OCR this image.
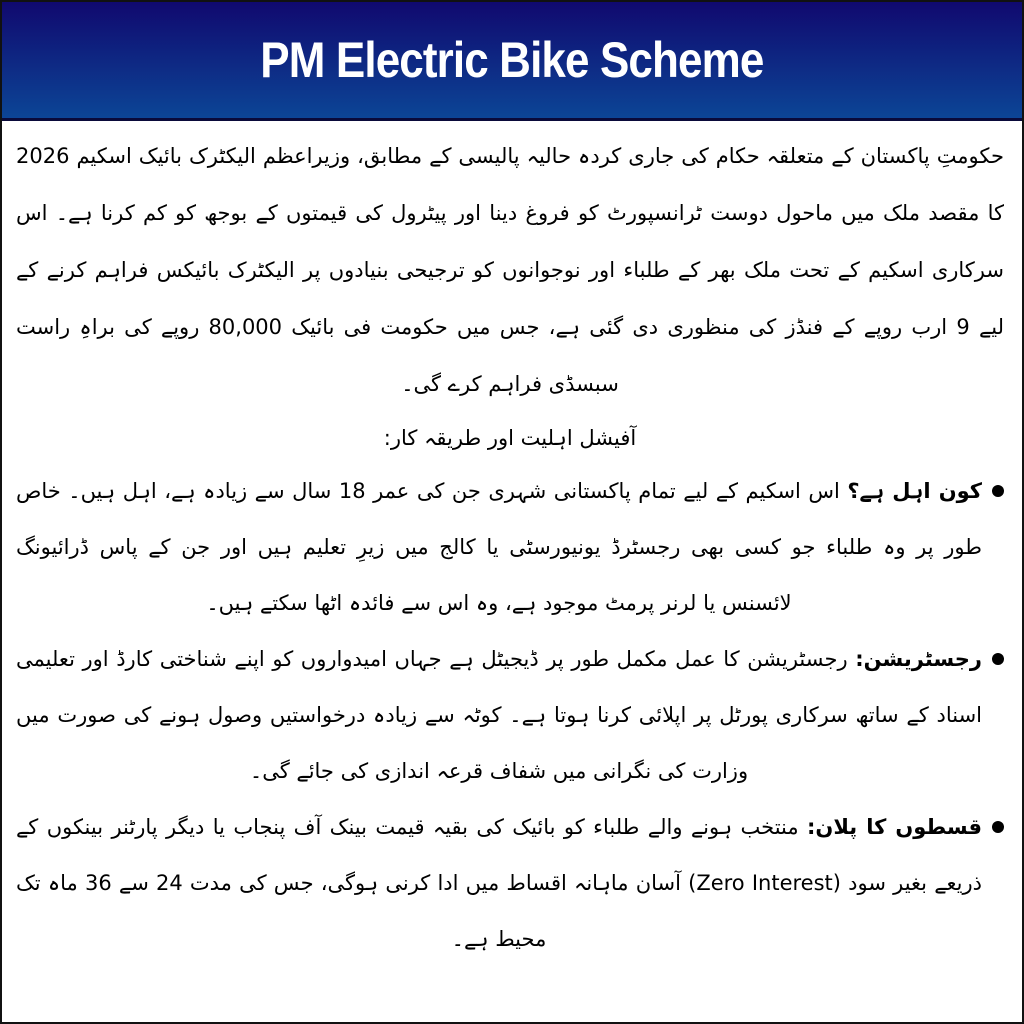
PM Electric Bike Scheme

حکومتِ پاکستان کے متعلقہ حکام کی جاری کردہ حالیہ پالیسی کے مطابق، وزیراعظم الیکٹرک بائیک اسکیم 2026 کا مقصد ملک میں ماحول دوست ٹرانسپورٹ کو فروغ دینا اور پیٹرول کی قیمتوں کے بوجھ کو کم کرنا ہے۔ اس سرکاری اسکیم کے تحت ملک بھر کے طلباء اور نوجوانوں کو ترجیحی بنیادوں پر الیکٹرک بائیکس فراہم کرنے کے لیے 9 ارب روپے کے فنڈز کی منظوری دی گئی ہے، جس میں حکومت فی بائیک 80,000 روپے کی براہِ راست سبسڈی فراہم کرے گی۔

آفیشل اہلیت اور طریقہ کار:

کون اہل ہے؟ اس اسکیم کے لیے تمام پاکستانی شہری جن کی عمر 18 سال سے زیادہ ہے، اہل ہیں۔ خاص طور پر وہ طلباء جو کسی بھی رجسٹرڈ یونیورسٹی یا کالج میں زیرِ تعلیم ہیں اور جن کے پاس ڈرائیونگ لائسنس یا لرنر پرمٹ موجود ہے، وہ اس سے فائدہ اٹھا سکتے ہیں۔
رجسٹریشن: رجسٹریشن کا عمل مکمل طور پر ڈیجیٹل ہے جہاں امیدواروں کو اپنے شناختی کارڈ اور تعلیمی اسناد کے ساتھ سرکاری پورٹل پر اپلائی کرنا ہوتا ہے۔ کوٹہ سے زیادہ درخواستیں وصول ہونے کی صورت میں وزارت کی نگرانی میں شفاف قرعہ اندازی کی جائے گی۔
قسطوں کا پلان: منتخب ہونے والے طلباء کو بائیک کی بقیہ قیمت بینک آف پنجاب یا دیگر پارٹنر بینکوں کے ذریعے بغیر سود (Zero Interest) آسان ماہانہ اقساط میں ادا کرنی ہوگی، جس کی مدت 24 سے 36 ماہ تک محیط ہے۔
